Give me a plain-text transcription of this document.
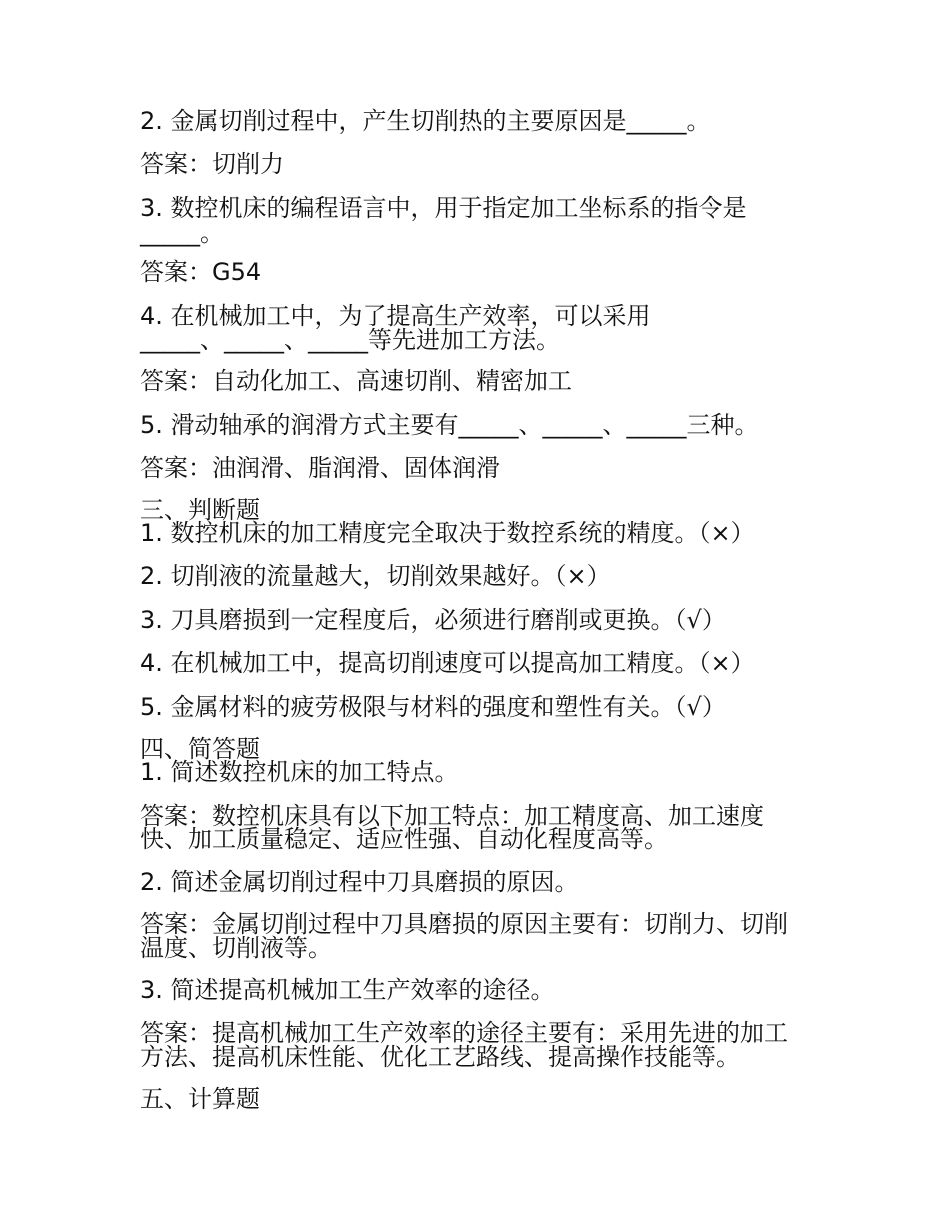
2. 金属切削过程中，产生切削热的主要原因是_____。

答案：切削力

3. 数控机床的编程语言中，用于指定加工坐标系的指令是

_____。

答案：G54

4. 在机械加工中，为了提高生产效率，可以采用

_____、_____、_____等先进加工方法。

答案：自动化加工、高速切削、精密加工

5. 滑动轴承的润滑方式主要有_____、_____、_____三种。

答案：油润滑、脂润滑、固体润滑

三、判断题

1. 数控机床的加工精度完全取决于数控系统的精度。（×）

2. 切削液的流量越大，切削效果越好。（×）

3. 刀具磨损到一定程度后，必须进行磨削或更换。（√）

4. 在机械加工中，提高切削速度可以提高加工精度。（×）

5. 金属材料的疲劳极限与材料的强度和塑性有关。（√）

四、简答题

1. 简述数控机床的加工特点。

答案：数控机床具有以下加工特点：加工精度高、加工速度

快、加工质量稳定、适应性强、自动化程度高等。

2. 简述金属切削过程中刀具磨损的原因。

答案：金属切削过程中刀具磨损的原因主要有：切削力、切削

温度、切削液等。

3. 简述提高机械加工生产效率的途径。

答案：提高机械加工生产效率的途径主要有：采用先进的加工

方法、提高机床性能、优化工艺路线、提高操作技能等。

五、计算题
